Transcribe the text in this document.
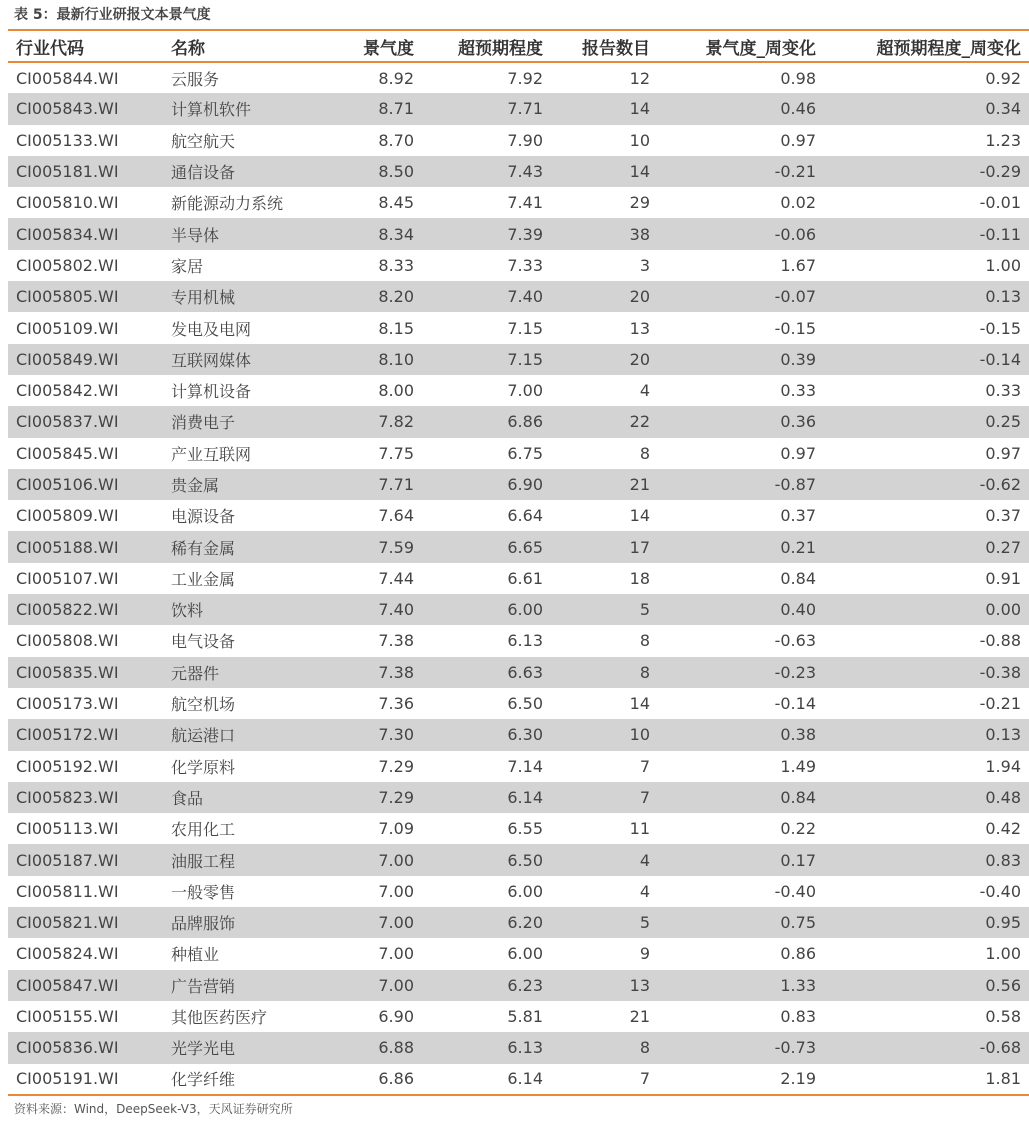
表 5：最新行业研报文本景气度
行业代码	名称	景气度	超预期程度	报告数目	景气度_周变化	超预期程度_周变化
CI005844.WI	云服务	8.92	7.92	12	0.98	0.92
CI005843.WI	计算机软件	8.71	7.71	14	0.46	0.34
CI005133.WI	航空航天	8.70	7.90	10	0.97	1.23
CI005181.WI	通信设备	8.50	7.43	14	-0.21	-0.29
CI005810.WI	新能源动力系统	8.45	7.41	29	0.02	-0.01
CI005834.WI	半导体	8.34	7.39	38	-0.06	-0.11
CI005802.WI	家居	8.33	7.33	3	1.67	1.00
CI005805.WI	专用机械	8.20	7.40	20	-0.07	0.13
CI005109.WI	发电及电网	8.15	7.15	13	-0.15	-0.15
CI005849.WI	互联网媒体	8.10	7.15	20	0.39	-0.14
CI005842.WI	计算机设备	8.00	7.00	4	0.33	0.33
CI005837.WI	消费电子	7.82	6.86	22	0.36	0.25
CI005845.WI	产业互联网	7.75	6.75	8	0.97	0.97
CI005106.WI	贵金属	7.71	6.90	21	-0.87	-0.62
CI005809.WI	电源设备	7.64	6.64	14	0.37	0.37
CI005188.WI	稀有金属	7.59	6.65	17	0.21	0.27
CI005107.WI	工业金属	7.44	6.61	18	0.84	0.91
CI005822.WI	饮料	7.40	6.00	5	0.40	0.00
CI005808.WI	电气设备	7.38	6.13	8	-0.63	-0.88
CI005835.WI	元器件	7.38	6.63	8	-0.23	-0.38
CI005173.WI	航空机场	7.36	6.50	14	-0.14	-0.21
CI005172.WI	航运港口	7.30	6.30	10	0.38	0.13
CI005192.WI	化学原料	7.29	7.14	7	1.49	1.94
CI005823.WI	食品	7.29	6.14	7	0.84	0.48
CI005113.WI	农用化工	7.09	6.55	11	0.22	0.42
CI005187.WI	油服工程	7.00	6.50	4	0.17	0.83
CI005811.WI	一般零售	7.00	6.00	4	-0.40	-0.40
CI005821.WI	品牌服饰	7.00	6.20	5	0.75	0.95
CI005824.WI	种植业	7.00	6.00	9	0.86	1.00
CI005847.WI	广告营销	7.00	6.23	13	1.33	0.56
CI005155.WI	其他医药医疗	6.90	5.81	21	0.83	0.58
CI005836.WI	光学光电	6.88	6.13	8	-0.73	-0.68
CI005191.WI	化学纤维	6.86	6.14	7	2.19	1.81
资料来源：Wind，DeepSeek-V3，天风证券研究所
